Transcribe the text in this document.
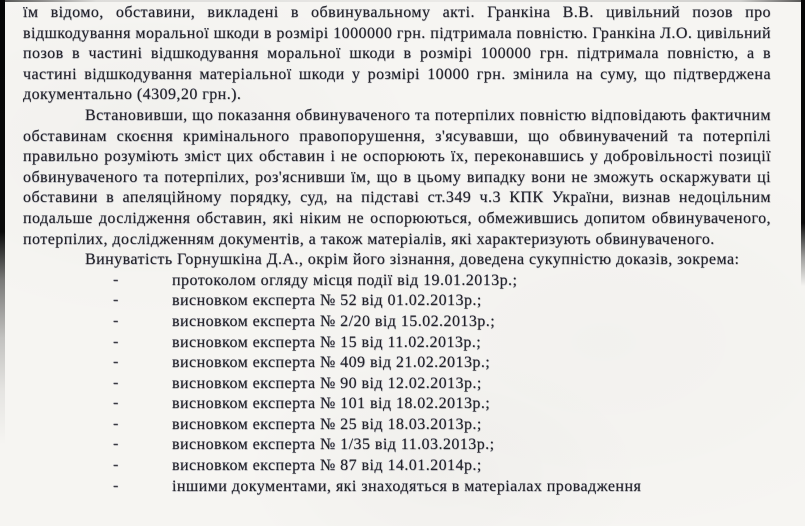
їм відомо, обставини, викладені в обвинувальному акті. Гранкіна В.В. цивільний позов про відшкодування моральної шкоди в розмірі 1000000 грн. підтримала повністю. Гранкіна Л.О. цивільний позов в частині відшкодування моральної шкоди в розмірі 100000 грн. підтримала повністю, а в частині відшкодування матеріальної шкоди у розмірі 10000 грн. змінила на суму, що підтверджена документально (4309,20 грн.).

Встановивши, що показання обвинуваченого та потерпілих повністю відповідають фактичним обставинам скоєння кримінального правопорушення, з'ясувавши, що обвинувачений та потерпілі правильно розуміють зміст цих обставин і не оспорюють їх, переконавшись у добровільності позиції обвинуваченого та потерпілих, роз'яснивши їм, що в цьому випадку вони не зможуть оскаржувати ці обставини в апеляційному порядку, суд, на підставі ст.349 ч.3 КПК України, визнав недоцільним подальше дослідження обставин, які ніким не оспорюються, обмежившись допитом обвинуваченого, потерпілих, дослідженням документів, а також матеріалів, які характеризують обвинуваченого.

Винуватість Горнушкіна Д.А., окрім його зізнання, доведена сукупністю доказів, зокрема:

-	протоколом огляду місця події від 19.01.2013р.;
-	висновком експерта № 52 від 01.02.2013р.;
-	висновком експерта № 2/20 від 15.02.2013р.;
-	висновком експерта № 15 від 11.02.2013р.;
-	висновком експерта № 409 від 21.02.2013р.;
-	висновком експерта № 90 від 12.02.2013р.;
-	висновком експерта № 101 від 18.02.2013р.;
-	висновком експерта № 25 від 18.03.2013р.;
-	висновком експерта № 1/35 від 11.03.2013р.;
-	висновком експерта № 87 від 14.01.2014р.;
-	іншими документами, які знаходяться в матеріалах провадження
